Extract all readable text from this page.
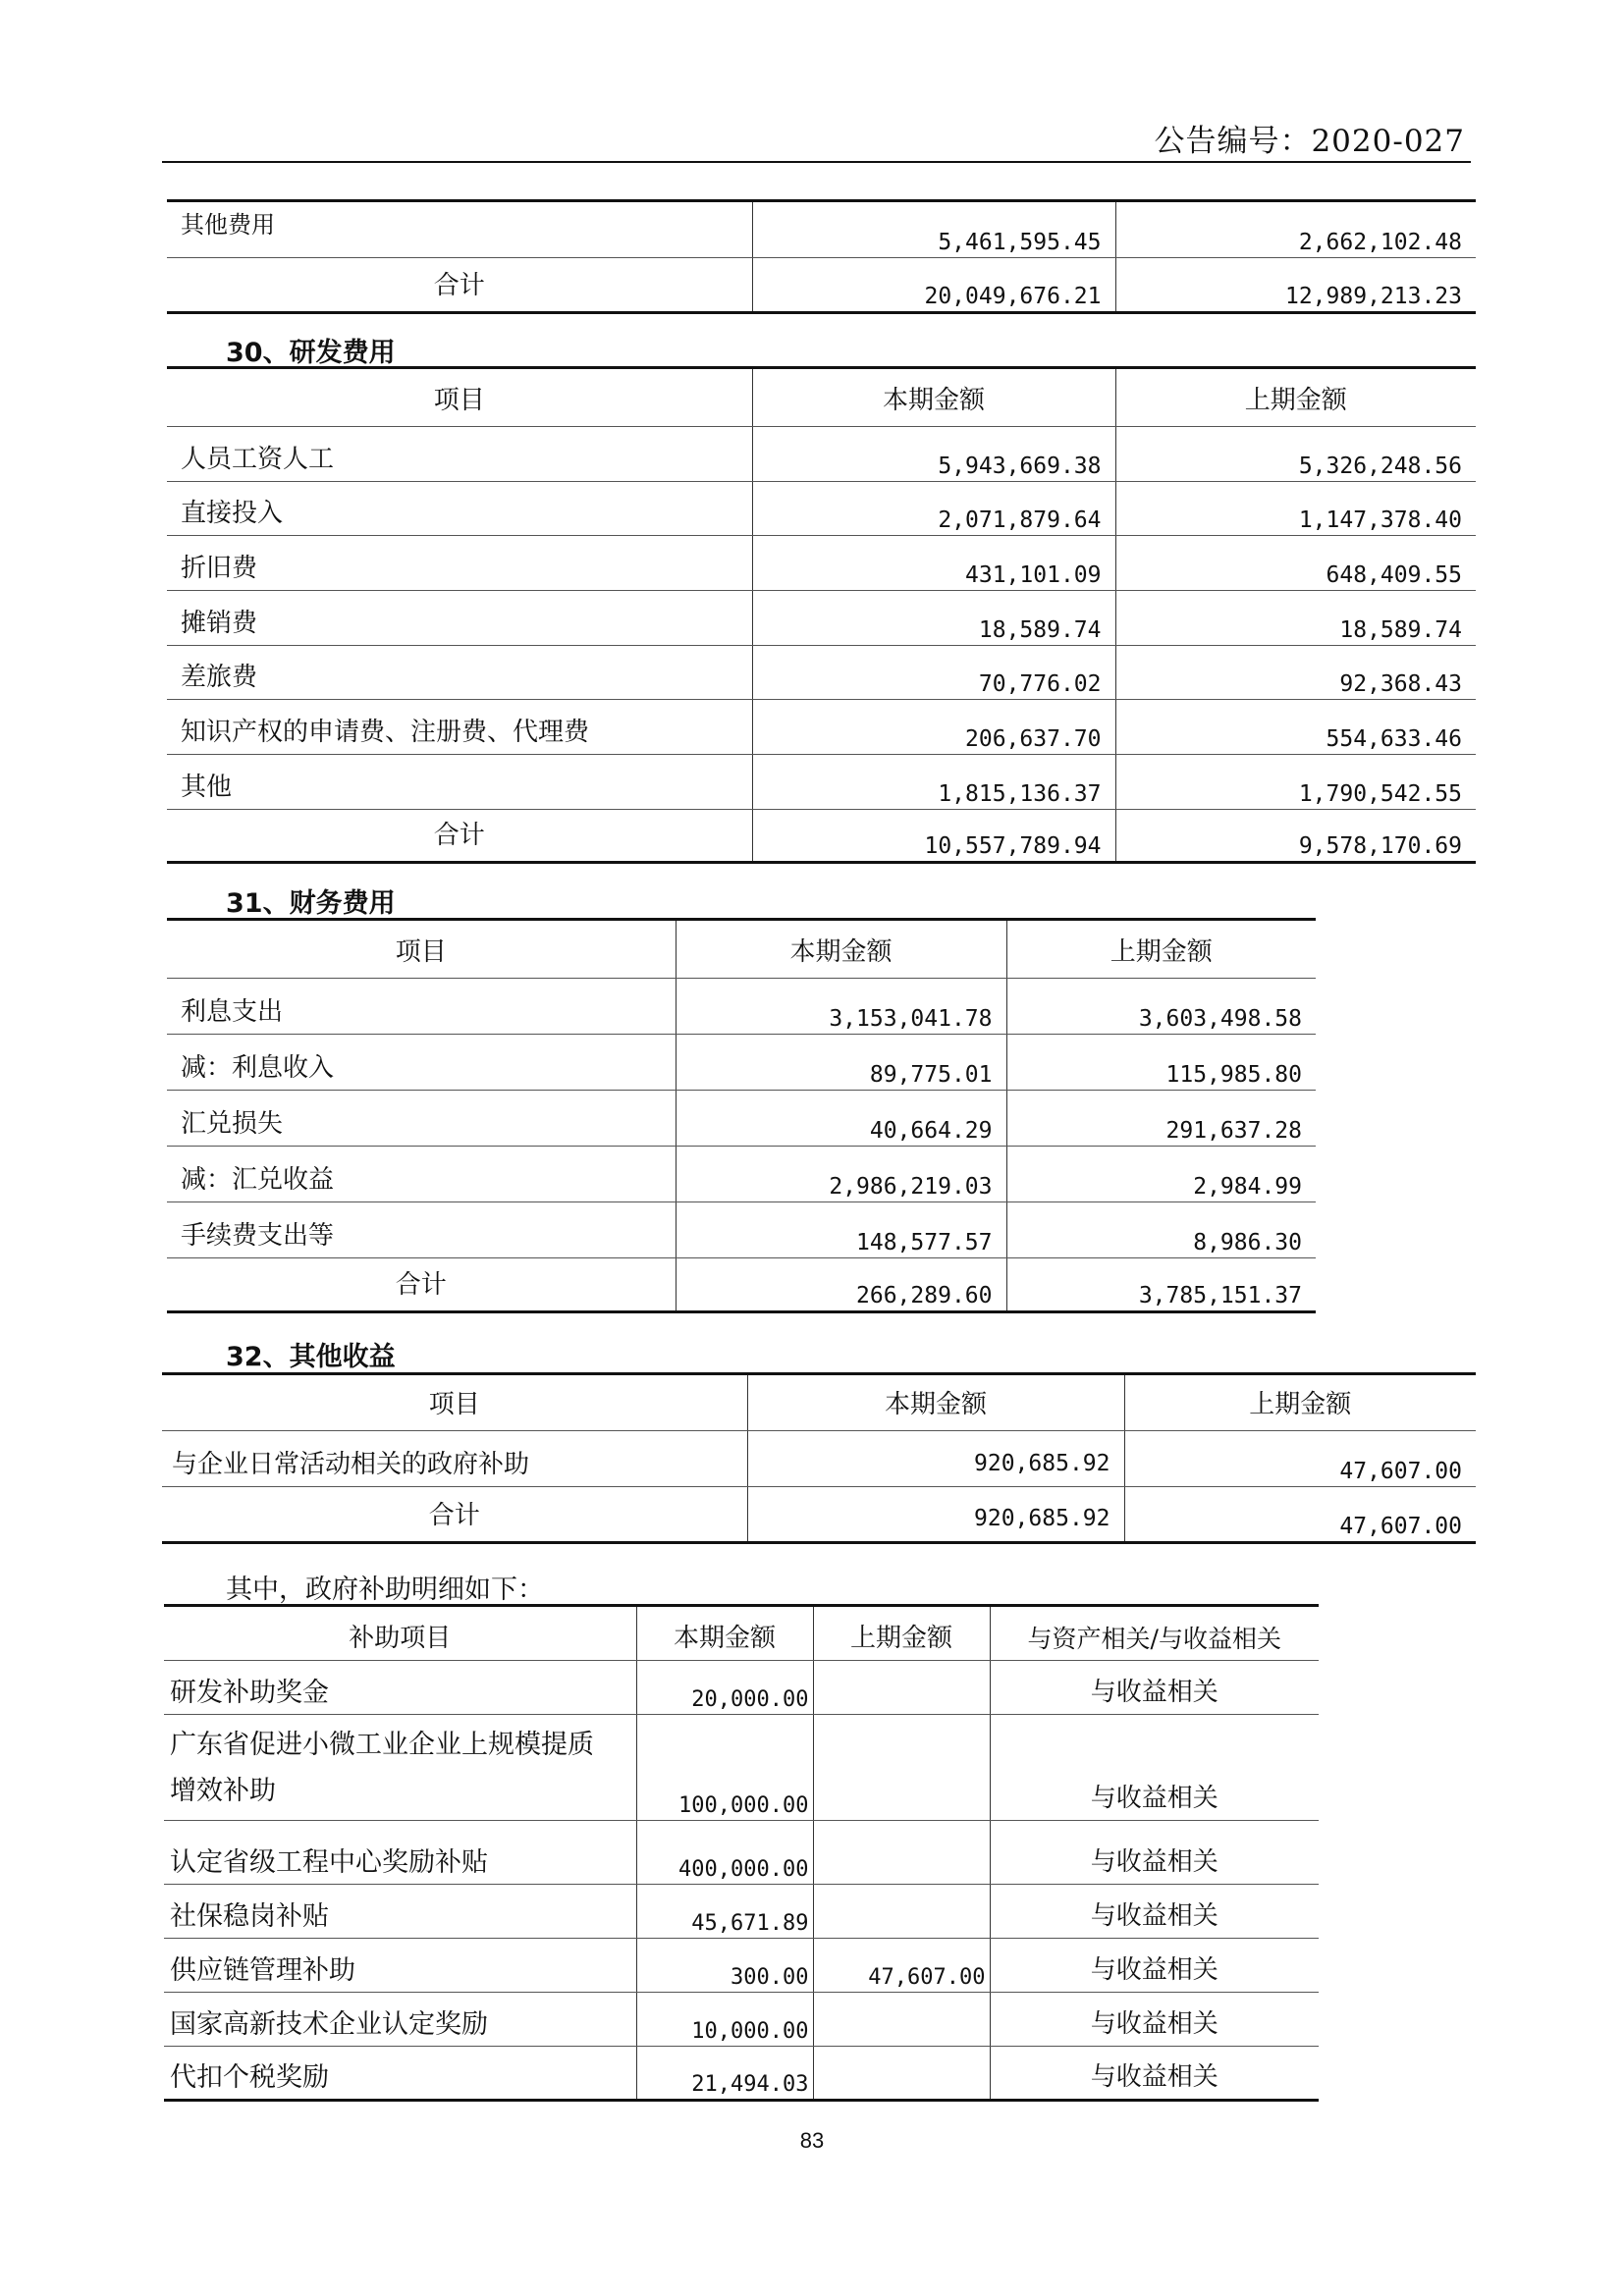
公告编号：2020-027
其他费用	5,461,595.45	2,662,102.48
合计	20,049,676.21	12,989,213.23
30、研发费用
项目	本期金额	上期金额
人员工资人工	5,943,669.38	5,326,248.56
直接投入	2,071,879.64	1,147,378.40
折旧费	431,101.09	648,409.55
摊销费	18,589.74	18,589.74
差旅费	70,776.02	92,368.43
知识产权的申请费、注册费、代理费	206,637.70	554,633.46
其他	1,815,136.37	1,790,542.55
合计	10,557,789.94	9,578,170.69
31、财务费用
项目	本期金额	上期金额
利息支出	3,153,041.78	3,603,498.58
减：利息收入	89,775.01	115,985.80
汇兑损失	40,664.29	291,637.28
减：汇兑收益	2,986,219.03	2,984.99
手续费支出等	148,577.57	8,986.30
合计	266,289.60	3,785,151.37
32、其他收益
项目	本期金额	上期金额
与企业日常活动相关的政府补助	920,685.92	47,607.00
合计	920,685.92	47,607.00
其中，政府补助明细如下：
补助项目	本期金额	上期金额	与资产相关/与收益相关
研发补助奖金	20,000.00		与收益相关

广东省促进小微工业企业上规模提质
增效补助	100,000.00		与收益相关
认定省级工程中心奖励补贴	400,000.00		与收益相关
社保稳岗补贴	45,671.89		与收益相关
供应链管理补助	300.00	47,607.00	与收益相关
国家高新技术企业认定奖励	10,000.00		与收益相关
代扣个税奖励	21,494.03		与收益相关
83
